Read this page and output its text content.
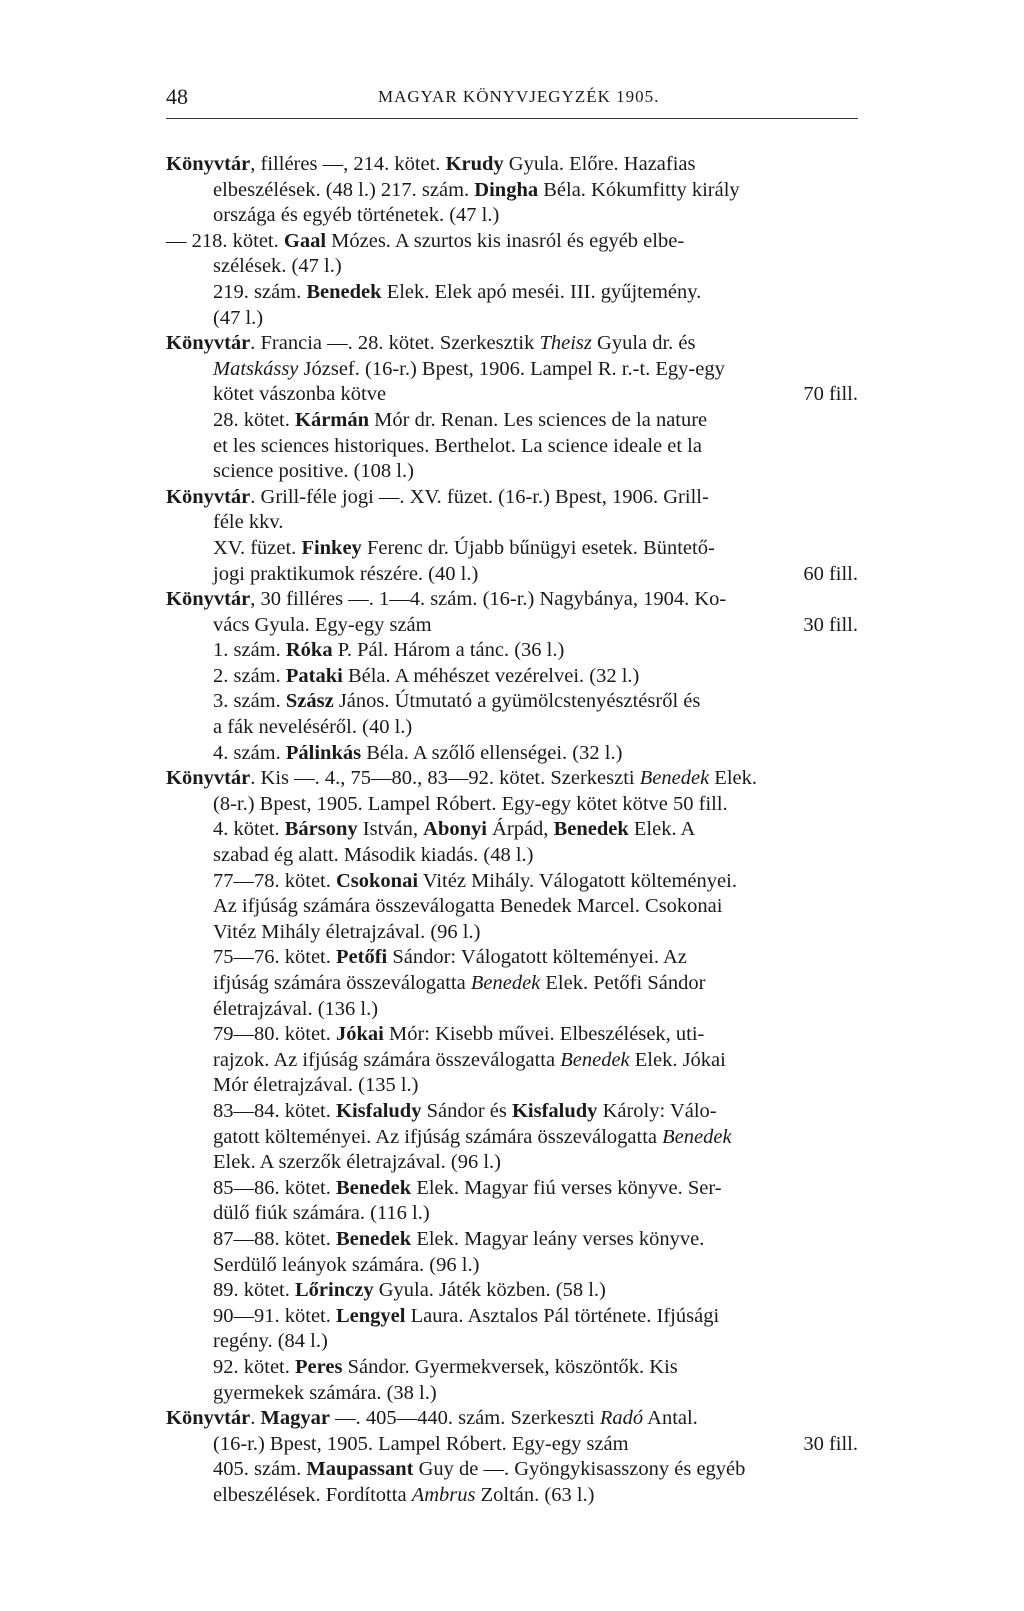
48	MAGYAR KÖNYVJEGYZÉK 1905.
Könyvtár, filléres —, 214. kötet. Krudy Gyula. Előre. Hazafias
elbeszélések. (48 l.) 217. szám. Dingha Béla. Kókumfitty király
országa és egyéb történetek. (47 l.)
— 218. kötet. Gaal Mózes. A szurtos kis inasról és egyéb elbe-
szélések. (47 l.)
219. szám. Benedek Elek. Elek apó meséi. III. gyűjtemény.
(47 l.)
Könyvtár. Francia —. 28. kötet. Szerkesztik Theisz Gyula dr. és
Matskássy József. (16-r.) Bpest, 1906. Lampel R. r.-t. Egy-egy
kötet vászonba kötve	70 fill.
28. kötet. Kármán Mór dr. Renan. Les sciences de la nature
et les sciences historiques. Berthelot. La science ideale et la
science positive. (108 l.)
Könyvtár. Grill-féle jogi —. XV. füzet. (16-r.) Bpest, 1906. Grill-
féle kkv.
XV. füzet. Finkey Ferenc dr. Újabb bűnügyi esetek. Büntető-
jogi praktikumok részére. (40 l.)	60 fill.
Könyvtár, 30 filléres —. 1—4. szám. (16-r.) Nagybánya, 1904. Ko-
vács Gyula. Egy-egy szám	30 fill.
1. szám. Róka P. Pál. Három a tánc. (36 l.)
2. szám. Pataki Béla. A méhészet vezérelvei. (32 l.)
3. szám. Szász János. Útmutató a gyümölcstenyésztésről és
a fák neveléséről. (40 l.)
4. szám. Pálinkás Béla. A szőlő ellenségei. (32 l.)
Könyvtár. Kis —. 4., 75—80., 83—92. kötet. Szerkeszti Benedek Elek.
(8-r.) Bpest, 1905. Lampel Róbert. Egy-egy kötet kötve 50 fill.
4. kötet. Bársony István, Abonyi Árpád, Benedek Elek. A
szabad ég alatt. Második kiadás. (48 l.)
77—78. kötet. Csokonai Vitéz Mihály. Válogatott költeményei.
Az ifjúság számára összeválogatta Benedek Marcel. Csokonai
Vitéz Mihály életrajzával. (96 l.)
75—76. kötet. Petőfi Sándor: Válogatott költeményei. Az
ifjúság számára összeválogatta Benedek Elek. Petőfi Sándor
életrajzával. (136 l.)
79—80. kötet. Jókai Mór: Kisebb művei. Elbeszélések, uti-
rajzok. Az ifjúság számára összeválogatta Benedek Elek. Jókai
Mór életrajzával. (135 l.)
83—84. kötet. Kisfaludy Sándor és Kisfaludy Károly: Válo-
gatott költeményei. Az ifjúság számára összeválogatta Benedek
Elek. A szerzők életrajzával. (96 l.)
85—86. kötet. Benedek Elek. Magyar fiú verses könyve. Ser-
dülő fiúk számára. (116 l.)
87—88. kötet. Benedek Elek. Magyar leány verses könyve.
Serdülő leányok számára. (96 l.)
89. kötet. Lőrinczy Gyula. Játék közben. (58 l.)
90—91. kötet. Lengyel Laura. Asztalos Pál története. Ifjúsági
regény. (84 l.)
92. kötet. Peres Sándor. Gyermekversek, köszöntők. Kis
gyermekek számára. (38 l.)
Könyvtár. Magyar —. 405—440. szám. Szerkeszti Radó Antal.
(16-r.) Bpest, 1905. Lampel Róbert. Egy-egy szám	30 fill.
405. szám. Maupassant Guy de —. Gyöngykisasszony és egyéb
elbeszélések. Fordította Ambrus Zoltán. (63 l.)
